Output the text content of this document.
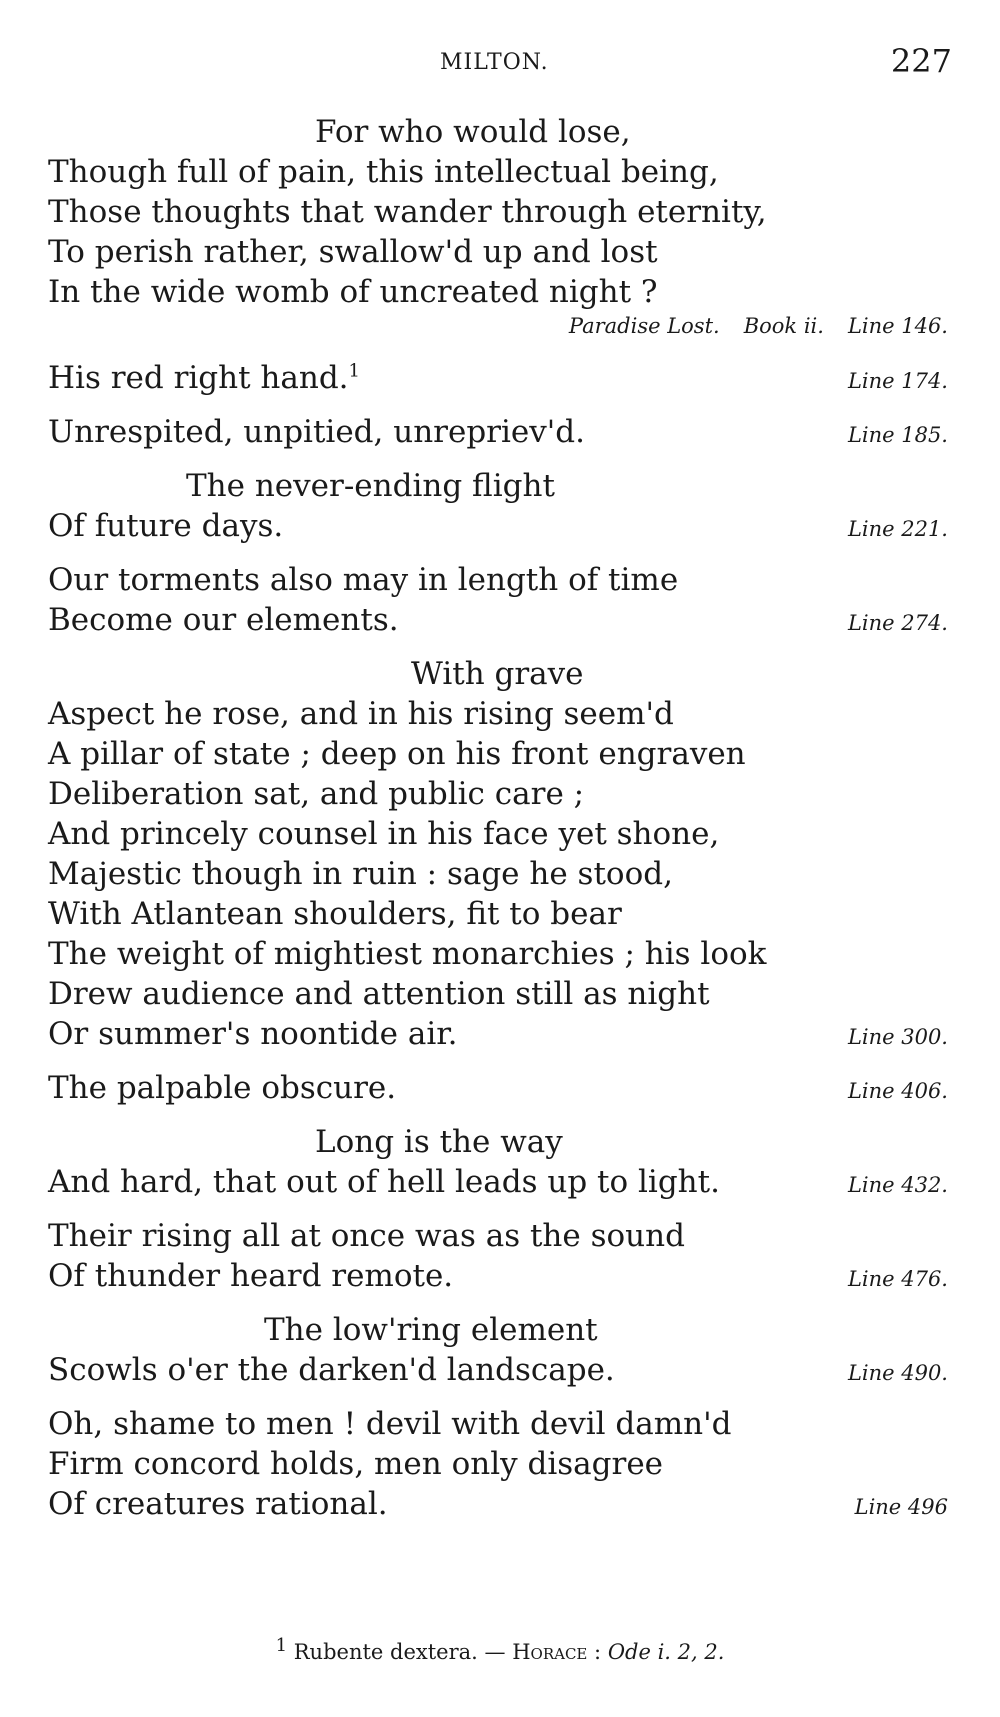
MILTON.	227
For who would lose,
Though full of pain, this intellectual being,
Those thoughts that wander through eternity,
To perish rather, swallow'd up and lost
In the wide womb of uncreated night ?
Paradise Lost. Book ii. Line 146.
His red right hand.$^1$	Line 174.
Unrespited, unpitied, unrepriev'd.	Line 185.
The never-ending flight
Of future days.	Line 221.
Our torments also may in length of time
Become our elements.	Line 274.
With grave
Aspect he rose, and in his rising seem'd
A pillar of state ; deep on his front engraven
Deliberation sat, and public care ;
And princely counsel in his face yet shone,
Majestic though in ruin : sage he stood,
With Atlantean shoulders, fit to bear
The weight of mightiest monarchies ; his look
Drew audience and attention still as night
Or summer's noontide air.	Line 300.
The palpable obscure.	Line 406.
Long is the way
And hard, that out of hell leads up to light.	Line 432.
Their rising all at once was as the sound
Of thunder heard remote.	Line 476.
The low'ring element
Scowls o'er the darken'd landscape.	Line 490.
Oh, shame to men ! devil with devil damn'd
Firm concord holds, men only disagree
Of creatures rational.	Line 496
$^1$ Rubente dextera. — Horace : Ode i. 2, 2.
